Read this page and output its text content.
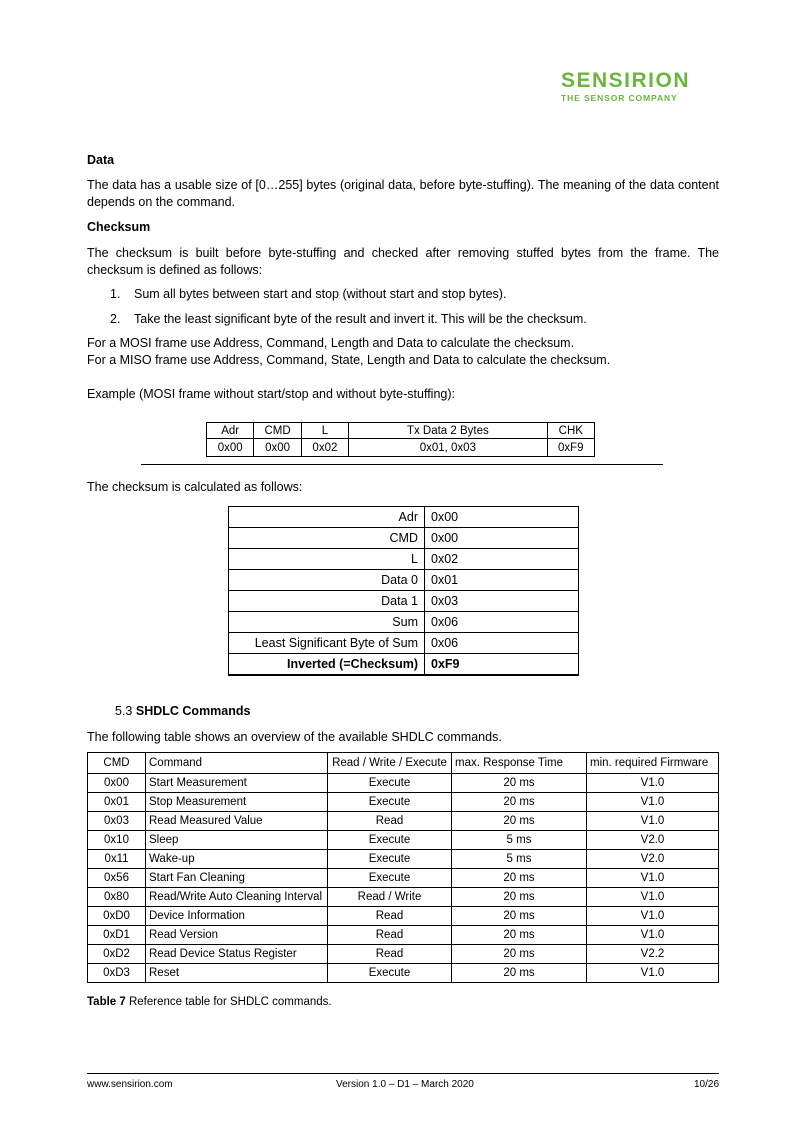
SENSIRION
THE SENSOR COMPANY
Data

The data has a usable size of [0…255] bytes (original data, before byte-stuffing). The meaning of the data content depends on the command.

Checksum

The checksum is built before byte-stuffing and checked after removing stuffed bytes from the frame. The checksum is defined as follows:

1. Sum all bytes between start and stop (without start and stop bytes).
2. Take the least significant byte of the result and invert it. This will be the checksum.
For a MOSI frame use Address, Command, Length and Data to calculate the checksum.
For a MISO frame use Address, Command, State, Length and Data to calculate the checksum.
Example (MOSI frame without start/stop and without byte-stuffing):
Adr	CMD	L	Tx Data 2 Bytes	CHK
0x00	0x00	0x02	0x01, 0x03	0xF9
The checksum is calculated as follows:
Adr	0x00
CMD	0x00
L	0x02
Data 0	0x01
Data 1	0x03
Sum	0x06
Least Significant Byte of Sum	0x06
Inverted (=Checksum)	0xF9
5.3 SHDLC Commands
The following table shows an overview of the available SHDLC commands.
CMD	Command	Read / Write / Execute	max. Response Time	min. required Firmware
0x00	Start Measurement	Execute	20 ms	V1.0
0x01	Stop Measurement	Execute	20 ms	V1.0
0x03	Read Measured Value	Read	20 ms	V1.0
0x10	Sleep	Execute	5 ms	V2.0
0x11	Wake-up	Execute	5 ms	V2.0
0x56	Start Fan Cleaning	Execute	20 ms	V1.0
0x80	Read/Write Auto Cleaning Interval	Read / Write	20 ms	V1.0
0xD0	Device Information	Read	20 ms	V1.0
0xD1	Read Version	Read	20 ms	V1.0
0xD2	Read Device Status Register	Read	20 ms	V2.2
0xD3	Reset	Execute	20 ms	V1.0
Table 7 Reference table for SHDLC commands.
www.sensirion.com	Version 1.0 – D1 – March 2020	10/26
